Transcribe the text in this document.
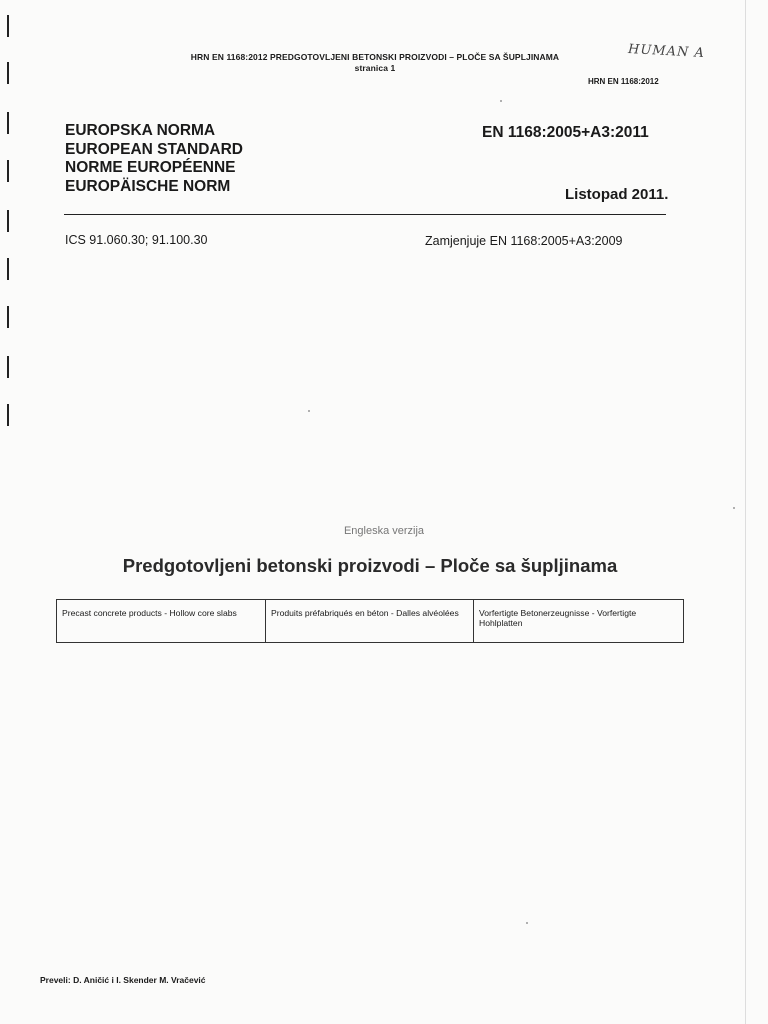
HRN EN 1168:2012 PREDGOTOVLJENI BETONSKI PROIZVODI – PLOČE SA ŠUPLJINAMA
stranica 1
HRN EN 1168:2012
HUMAN A
EUROPSKA NORMA
EUROPEAN STANDARD
NORME EUROPÉENNE
EUROPÄISCHE NORM
EN 1168:2005+A3:2011
Listopad 2011.
ICS 91.060.30; 91.100.30	Zamjenjuje EN 1168:2005+A3:2009
Engleska verzija
Predgotovljeni betonski proizvodi – Ploče sa šupljinama
Precast concrete products - Hollow core slabs	Produits préfabriqués en béton - Dalles alvéolées	Vorfertigte Betonerzeugnisse - Vorfertigte Hohlplatten
Preveli: D. Aničić i I. Skender M. Vračević
